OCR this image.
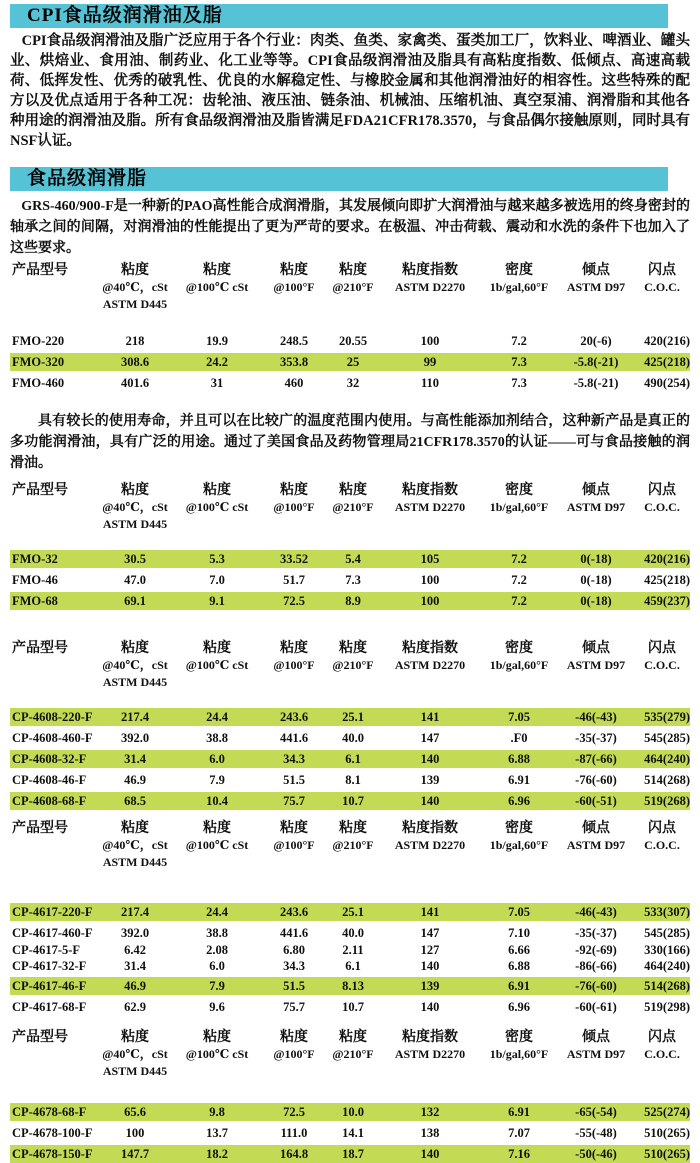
CPI食品级润滑油及脂
CPI食品级润滑油及脂广泛应用于各个行业：肉类、鱼类、家禽类、蛋类加工厂，饮料业、啤酒业、罐头业、烘焙业、食用油、制药业、化工业等等。CPI食品级润滑油及脂具有高粘度指数、低倾点、高速高载荷、低挥发性、优秀的破乳性、优良的水解稳定性、与橡胶金属和其他润滑油好的相容性。这些特殊的配方以及优点适用于各种工况：齿轮油、液压油、链条油、机械油、压缩机油、真空泵浦、润滑脂和其他各种用途的润滑油及脂。所有食品级润滑油及脂皆满足FDA21CFR178.3570，与食品偶尔接触原则，同时具有NSF认证。
食品级润滑脂
GRS-460/900-F是一种新的PAO高性能合成润滑脂，其发展倾向即扩大润滑油与越来越多被选用的终身密封的轴承之间的间隔，对润滑油的性能提出了更为严苛的要求。在极温、冲击荷载、震动和水洗的条件下也加入了这些要求。
产品型号	粘度	粘度	粘度	粘度	粘度指数	密度	倾点	闪点
@40℃，cSt	@100℃ cSt	@100°F	@210°F	ASTM D2270	1b/gal,60°F	ASTM D97	C.O.C.
ASTM D445
FMO-220	218	19.9	248.5	20.55	100	7.2	20(-6)	420(216)
FMO-320	308.6	24.2	353.8	25	99	7.3	-5.8(-21)	425(218)
FMO-460	401.6	31	460	32	110	7.3	-5.8(-21)	490(254)
具有较长的使用寿命，并且可以在比较广的温度范围内使用。与高性能添加剂结合，这种新产品是真正的多功能润滑油，具有广泛的用途。通过了美国食品及药物管理局21CFR178.3570的认证——可与食品接触的润滑油。
产品型号	粘度	粘度	粘度	粘度	粘度指数	密度	倾点	闪点
@40℃，cSt	@100℃ cSt	@100°F	@210°F	ASTM D2270	1b/gal,60°F	ASTM D97	C.O.C.
ASTM D445
FMO-32	30.5	5.3	33.52	5.4	105	7.2	0(-18)	420(216)
FMO-46	47.0	7.0	51.7	7.3	100	7.2	0(-18)	425(218)
FMO-68	69.1	9.1	72.5	8.9	100	7.2	0(-18)	459(237)
产品型号	粘度	粘度	粘度	粘度	粘度指数	密度	倾点	闪点
@40℃，cSt	@100℃ cSt	@100°F	@210°F	ASTM D2270	1b/gal,60°F	ASTM D97	C.O.C.
ASTM D445
CP-4608-220-F	217.4	24.4	243.6	25.1	141	7.05	-46(-43)	535(279)
CP-4608-460-F	392.0	38.8	441.6	40.0	147	.F0	-35(-37)	545(285)
CP-4608-32-F	31.4	6.0	34.3	6.1	140	6.88	-87(-66)	464(240)
CP-4608-46-F	46.9	7.9	51.5	8.1	139	6.91	-76(-60)	514(268)
CP-4608-68-F	68.5	10.4	75.7	10.7	140	6.96	-60(-51)	519(268)
产品型号	粘度	粘度	粘度	粘度	粘度指数	密度	倾点	闪点
@40℃，cSt	@100℃ cSt	@100°F	@210°F	ASTM D2270	1b/gal,60°F	ASTM D97	C.O.C.
ASTM D445
CP-4617-220-F	217.4	24.4	243.6	25.1	141	7.05	-46(-43)	533(307)
CP-4617-460-F	392.0	38.8	441.6	40.0	147	7.10	-35(-37)	545(285)
CP-4617-5-F	6.42	2.08	6.80	2.11	127	6.66	-92(-69)	330(166)
CP-4617-32-F	31.4	6.0	34.3	6.1	140	6.88	-86(-66)	464(240)
CP-4617-46-F	46.9	7.9	51.5	8.13	139	6.91	-76(-60)	514(268)
CP-4617-68-F	62.9	9.6	75.7	10.7	140	6.96	-60(-61)	519(298)
产品型号	粘度	粘度	粘度	粘度	粘度指数	密度	倾点	闪点
@40℃，cSt	@100℃ cSt	@100°F	@210°F	ASTM D2270	1b/gal,60°F	ASTM D97	C.O.C.
ASTM D445
CP-4678-68-F	65.6	9.8	72.5	10.0	132	6.91	-65(-54)	525(274)
CP-4678-100-F	100	13.7	111.0	14.1	138	7.07	-55(-48)	510(265)
CP-4678-150-F	147.7	18.2	164.8	18.7	140	7.16	-50(-46)	510(265)
